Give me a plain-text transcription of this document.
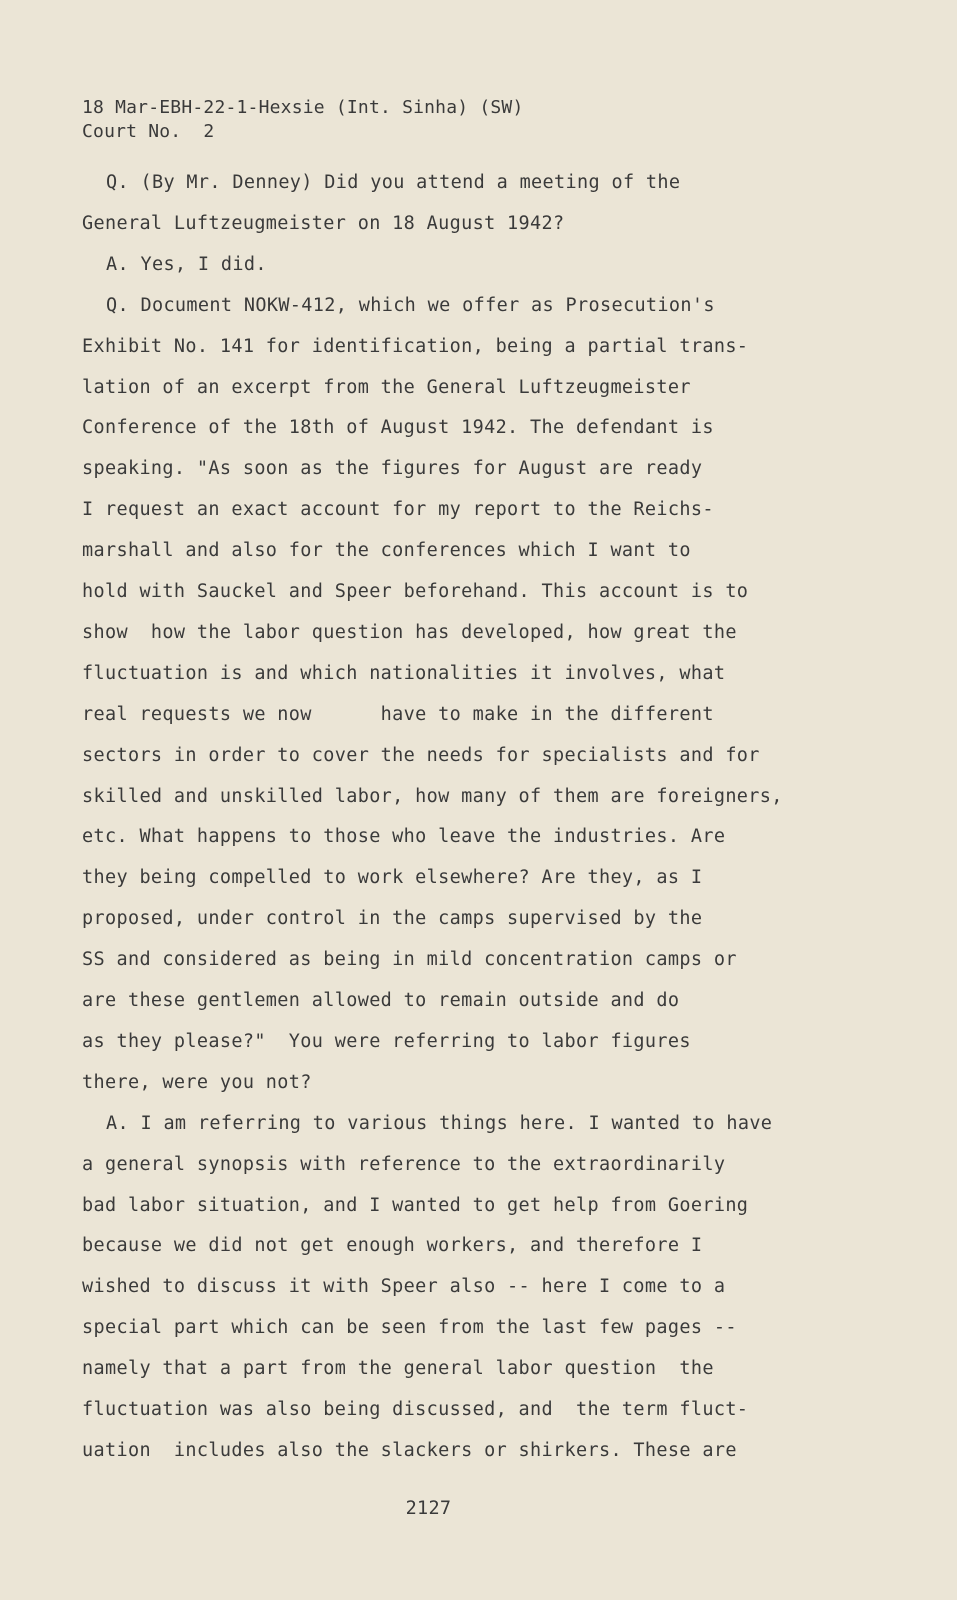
18 Mar-EBH-22-1-Hexsie (Int. Sinha) (SW)
Court No.  2
Q. (By Mr. Denney) Did you attend a meeting of the
General Luftzeugmeister on 18 August 1942?
A. Yes, I did.
Q. Document NOKW-412, which we offer as Prosecution's
Exhibit No. 141 for identification, being a partial trans-
lation of an excerpt from the General Luftzeugmeister
Conference of the 18th of August 1942. The defendant is
speaking. "As soon as the figures for August are ready
I request an exact account for my report to the Reichs-
marshall and also for the conferences which I want to
hold with Sauckel and Speer beforehand. This account is to
show  how the labor question has developed, how great the
fluctuation is and which nationalities it involves, what
real requests we now      have to make in the different
sectors in order to cover the needs for specialists and for
skilled and unskilled labor, how many of them are foreigners,
etc. What happens to those who leave the industries. Are
they being compelled to work elsewhere? Are they, as I
proposed, under control in the camps supervised by the
SS and considered as being in mild concentration camps or
are these gentlemen allowed to remain outside and do
as they please?"  You were referring to labor figures
there, were you not?
A. I am referring to various things here. I wanted to have
a general synopsis with reference to the extraordinarily
bad labor situation, and I wanted to get help from Goering
because we did not get enough workers, and therefore I
wished to discuss it with Speer also -- here I come to a
special part which can be seen from the last few pages --
namely that a part from the general labor question  the
fluctuation was also being discussed, and  the term fluct-
uation  includes also the slackers or shirkers. These are
2127
